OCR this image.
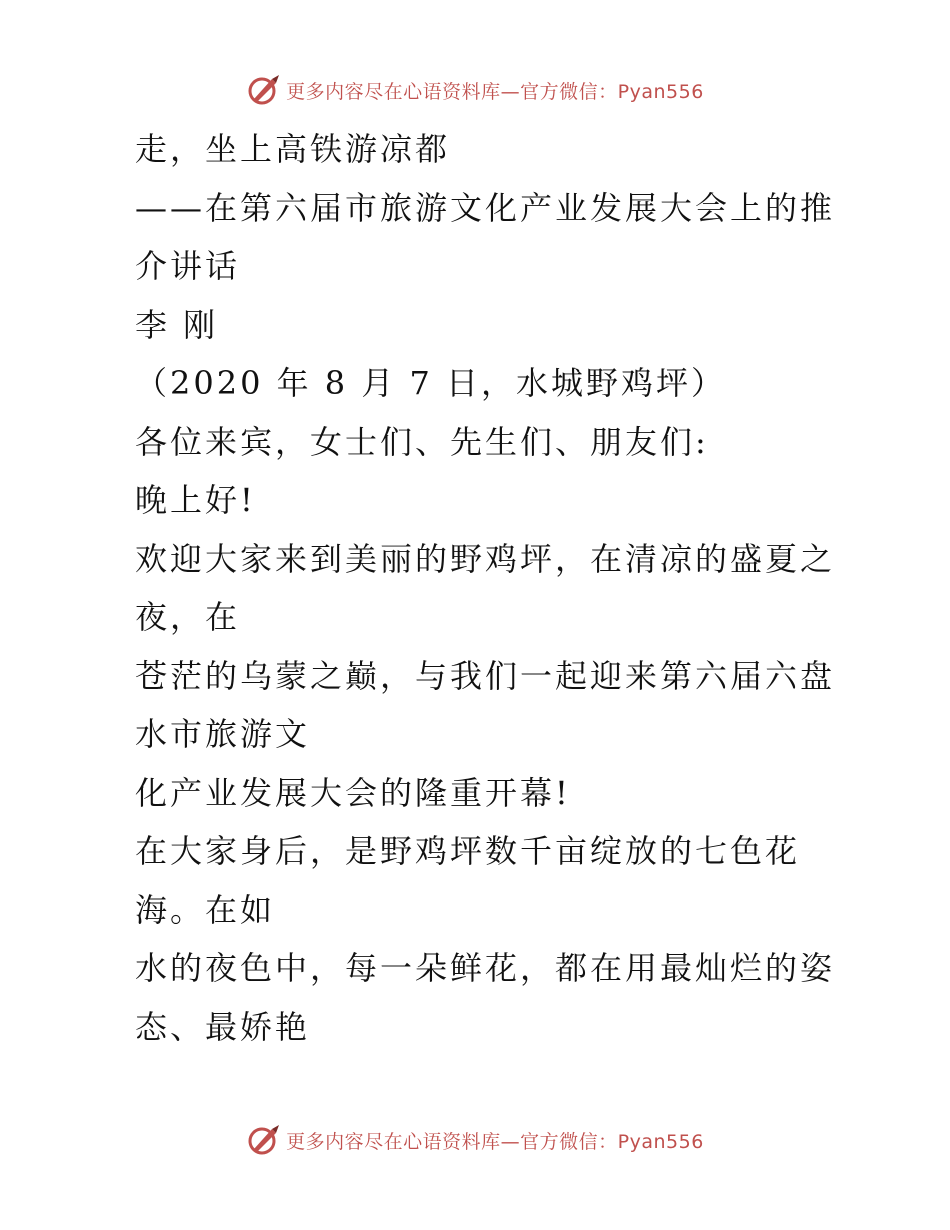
更多内容尽在心语资料库—官方微信：Pyan556

走，坐上高铁游凉都

——在第六届市旅游文化产业发展大会上的推介讲话

李 刚

（2020 年 8 月 7 日，水城野鸡坪）

各位来宾，女士们、先生们、朋友们:

晚上好!

欢迎大家来到美丽的野鸡坪，在清凉的盛夏之夜，在

苍茫的乌蒙之巅，与我们一起迎来第六届六盘水市旅游文

化产业发展大会的隆重开幕!

在大家身后，是野鸡坪数千亩绽放的七色花海。在如

水的夜色中，每一朵鲜花，都在用最灿烂的姿态、最娇艳

更多内容尽在心语资料库—官方微信：Pyan556
